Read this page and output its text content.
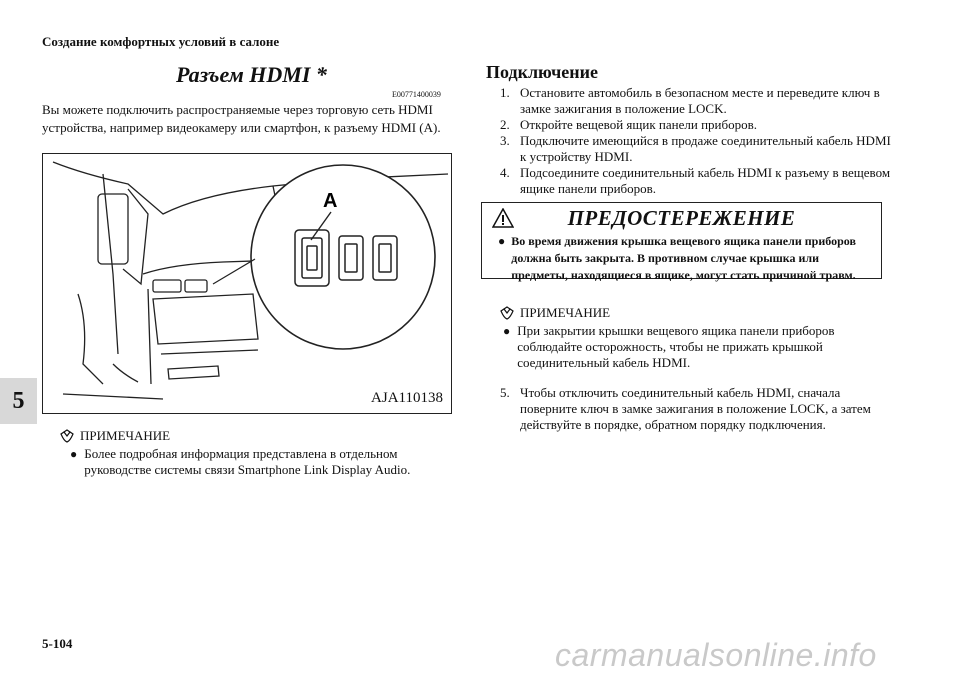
Создание комфортных условий в салоне
5
Разъем HDMI *
E00771400039
Вы можете подключить распространяемые через торговую сеть HDMI устройства, например видеокамеру или смартфон, к разъему HDMI (А).
A
AJA110138
ПРИМЕЧАНИЕ
● Более подробная информация представлена в отдельном руководстве системы связи Smartphone Link Display Audio.
Подключение
1. Остановите автомобиль в безопасном месте и переведите ключ в замке зажигания в положение LOCK.
2. Откройте вещевой ящик панели приборов.
3. Подключите имеющийся в продаже соединительный кабель HDMI к устройству HDMI.
4. Подсоедините соединительный кабель HDMI к разъему в вещевом ящике панели приборов.
ПРЕДОСТЕРЕЖЕНИЕ
● Во время движения крышка вещевого ящика панели приборов должна быть закрыта. В противном случае крышка или предметы, находящиеся в ящике, могут стать причиной травм.
ПРИМЕЧАНИЕ
● При закрытии крышки вещевого ящика панели приборов соблюдайте осторожность, чтобы не прижать крышкой соединительный кабель HDMI.
5. Чтобы отключить соединительный кабель HDMI, сначала поверните ключ в замке зажигания в положение LOCK, а затем действуйте в порядке, обратном порядку подключения.
5-104	carmanualsonline.info
